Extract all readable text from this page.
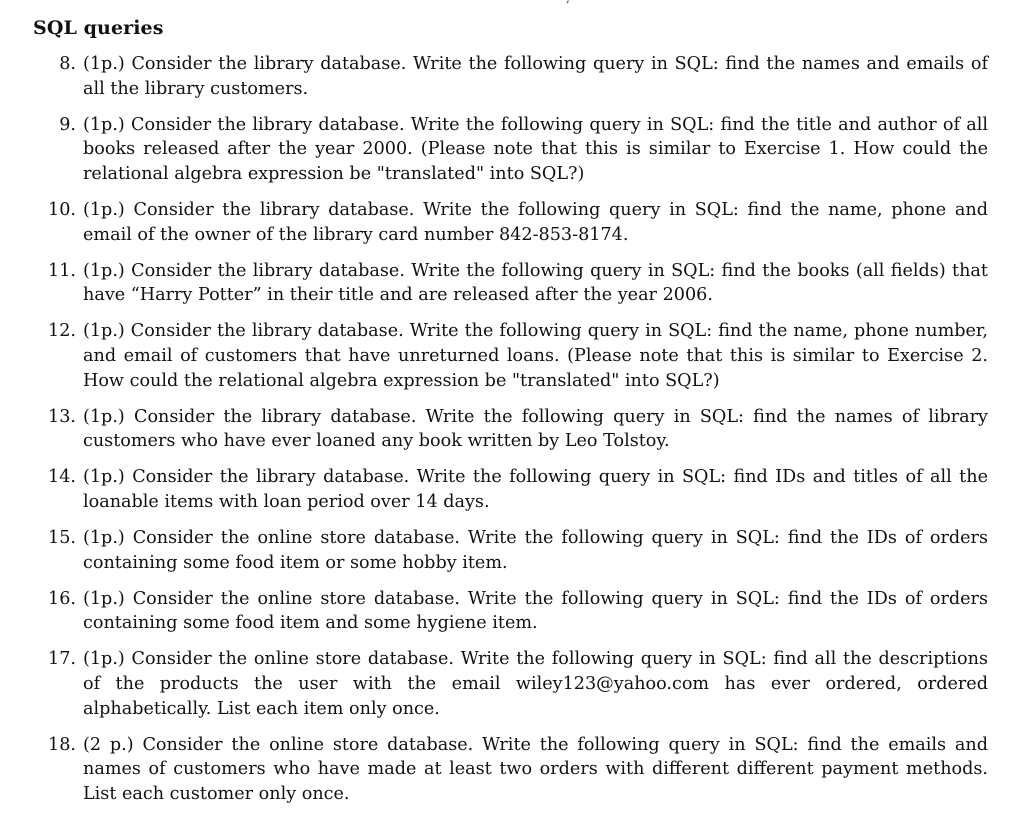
SQL queries
8. (1p.) Consider the library database. Write the following query in SQL: find the names and emails of all the library customers.
9. (1p.) Consider the library database. Write the following query in SQL: find the title and author of all books released after the year 2000. (Please note that this is similar to Exercise 1. How could the relational algebra expression be "translated" into SQL?)
10. (1p.) Consider the library database. Write the following query in SQL: find the name, phone and email of the owner of the library card number 842-853-8174.
11. (1p.) Consider the library database. Write the following query in SQL: find the books (all fields) that have “Harry Potter” in their title and are released after the year 2006.
12. (1p.) Consider the library database. Write the following query in SQL: find the name, phone number, and email of customers that have unreturned loans. (Please note that this is similar to Exercise 2. How could the relational algebra expression be "translated" into SQL?)
13. (1p.) Consider the library database. Write the following query in SQL: find the names of library customers who have ever loaned any book written by Leo Tolstoy.
14. (1p.) Consider the library database. Write the following query in SQL: find IDs and titles of all the loanable items with loan period over 14 days.
15. (1p.) Consider the online store database. Write the following query in SQL: find the IDs of orders containing some food item or some hobby item.
16. (1p.) Consider the online store database. Write the following query in SQL: find the IDs of orders containing some food item and some hygiene item.
17. (1p.) Consider the online store database. Write the following query in SQL: find all the descriptions of the products the user with the email wiley123@yahoo.com has ever ordered, ordered alphabetically. List each item only once.
18. (2 p.) Consider the online store database. Write the following query in SQL: find the emails and names of customers who have made at least two orders with different different payment methods. List each customer only once.
